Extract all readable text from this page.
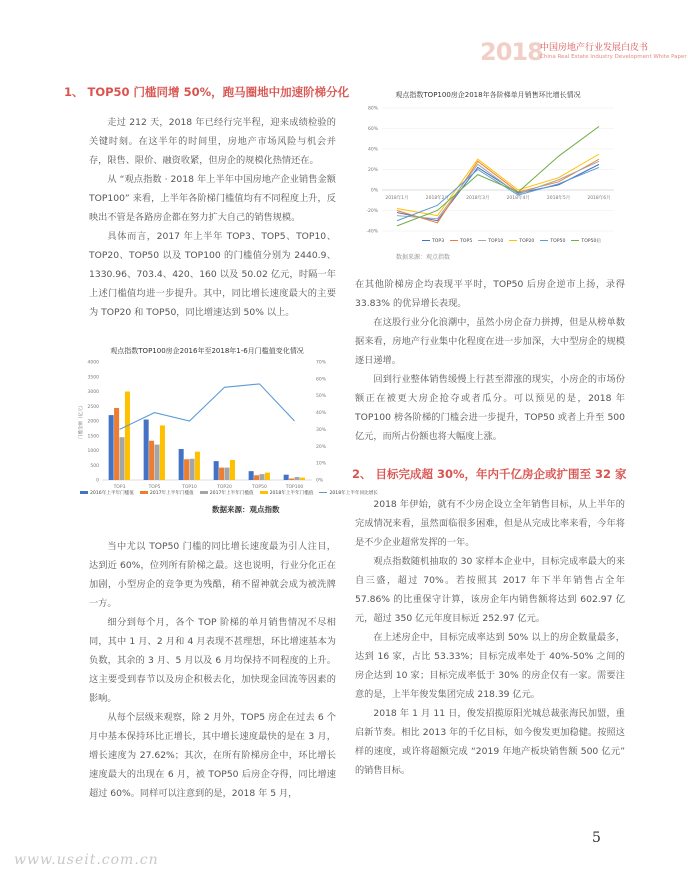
2018
中国房地产行业发展白皮书
China Real Estate Industry Development White Paper
1、 TOP50 门槛同增 50%，跑马圈地中加速阶梯分化

走过 212 天，2018 年已经行完半程，迎来成绩检验的关键时刻。在这半年的时间里，房地产市场风险与机会并存，限售、限价、融资收紧，但房企的规模化热情还在。

从 “观点指数 · 2018 年上半年中国房地产企业销售金额 TOP100” 来看，上半年各阶梯门槛值均有不同程度上升，反映出不管是各路房企都在努力扩大自己的销售规模。

具体而言，2017 年上半年 TOP3、TOP5、TOP10、TOP20、TOP50 以及 TOP100 的门槛值分别为 2440.9、1330.96、703.4、420、160 以及 50.02 亿元，时隔一年上述门槛值均进一步提升。其中，同比增长速度最大的主要为 TOP20 和 TOP50，同比增速达到 50% 以上。

观点指数TOP100房企2016年至2018年1-6月门槛值变化情况
4000
3500
3000
2500
2000
1500
1000
500
0
70%
60%
50%
40%
30%
20%
10%
0%
门槛金额（亿元）
TOP3	TOP5	TOP10	TOP20	TOP50	TOP100
2016年上半年门槛值	2017年上半年门槛值	2017年上半年门槛值	2018年上半年门槛值	2018年上半年同比增长
数据来源：观点指数

当中尤以 TOP50 门槛的同比增长速度最为引人注目，达到近 60%，位列所有阶梯之最。这也说明，行业分化正在加剧，小型房企的竞争更为残酷，稍不留神就会成为被洗牌一方。

细分到每个月，各个 TOP 阶梯的单月销售情况不尽相同，其中 1 月、2 月和 4 月表现不甚理想，环比增速基本为负数，其余的 3 月、5 月以及 6 月均保持不同程度的上升。这主要受到春节以及房企积极去化，加快现金回流等因素的影响。

从每个层级来观察，除 2 月外，TOP5 房企在过去 6 个月中基本保持环比正增长，其中增长速度最快的是在 3 月，增长速度为 27.62%；其次，在所有阶梯房企中，环比增长速度最大的出现在 6 月，被 TOP50 后房企夺得，同比增速超过 60%。同样可以注意到的是，2018 年 5 月，

观点指数TOP100房企2018年各阶梯单月销售环比增长情况
80%
60%
40%
20%
0%
-20%
-40%
2018年1月	2018年2月	2018年3月	2018年4月	2018年5月	2018年6月
TOP3	TOP5	TOP10	TOP20	TOP50	TOP50后
数据来源：观点指数

在其他阶梯房企均表现平平时，TOP50 后房企逆市上扬，录得 33.83% 的优异增长表现。

在这股行业分化浪潮中，虽然小房企奋力拼搏，但是从榜单数据来看，房地产行业集中化程度在进一步加深，大中型房企的规模逐日递增。

回到行业整体销售缓慢上行甚至滞涨的现实，小房企的市场份额正在被更大房企抢夺或者瓜分。可以预见的是，2018 年 TOP100 榜各阶梯的门槛会进一步提升，TOP50 或者上升至 500 亿元，而所占份额也将大幅度上涨。

2、 目标完成超 30%，年内千亿房企或扩围至 32 家

2018 年伊始，就有不少房企设立全年销售目标，从上半年的完成情况来看，虽然面临很多困难，但是从完成比率来看，今年将是不少企业超常发挥的一年。

观点指数随机抽取的 30 家样本企业中，目标完成率最大的来自三盛，超过 70%。若按照其 2017 年下半年销售占全年 57.86% 的比重保守计算，该房企年内销售额将达到 602.97 亿元，超过 350 亿元年度目标近 252.97 亿元。

在上述房企中，目标完成率达到 50% 以上的房企数量最多，达到 16 家，占比 53.33%；目标完成率处于 40%-50% 之间的房企达到 10 家；目标完成率低于 30% 的房企仅有一家。需要注意的是，上半年俊发集团完成 218.39 亿元。

2018 年 1 月 11 日，俊发招揽原阳光城总裁张海民加盟，重启新节奏。相比 2013 年的千亿目标，如今俊发更加稳健。按照这样的速度，或许将超额完成 “2019 年地产板块销售额 500 亿元” 的销售目标。

5
www.useit.com.cn
